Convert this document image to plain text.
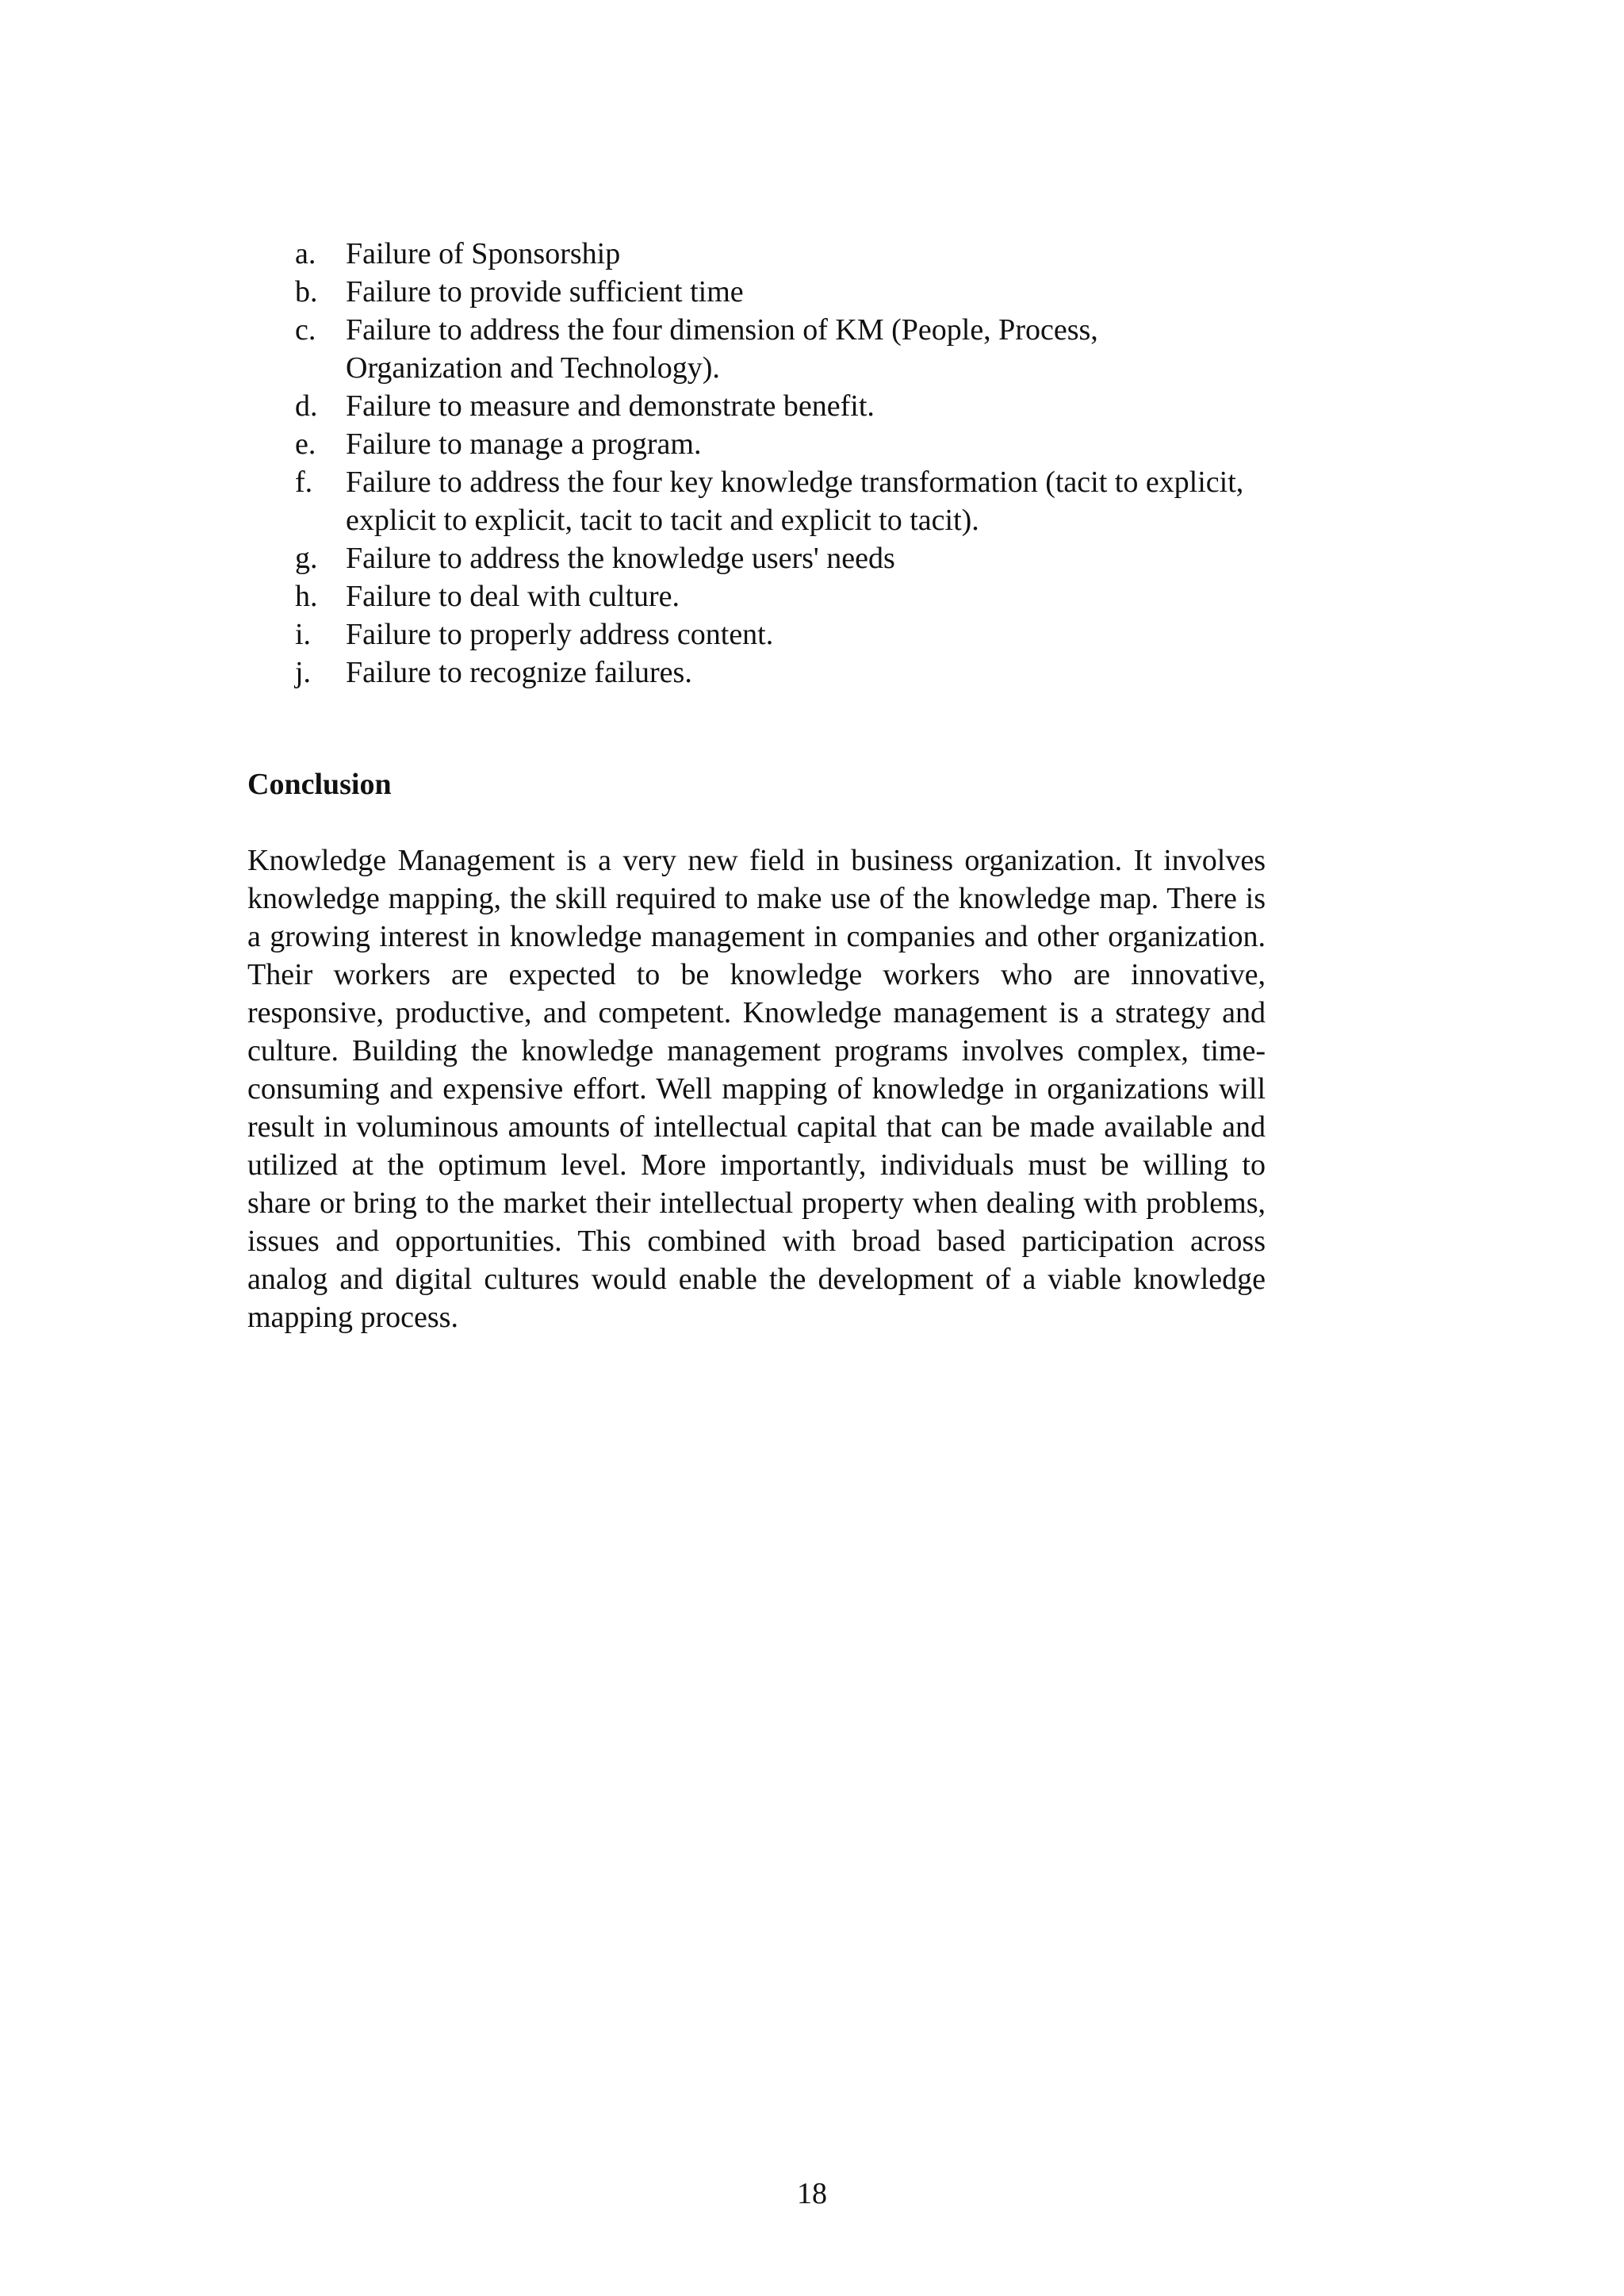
a. Failure of Sponsorship
b. Failure to provide sufficient time
c. Failure to address the four dimension of KM (People, Process, Organization and Technology).
d. Failure to measure and demonstrate benefit.
e. Failure to manage a program.
f. Failure to address the four key knowledge transformation (tacit to explicit, explicit to explicit, tacit to tacit and explicit to tacit).
g. Failure to address the knowledge users' needs
h. Failure to deal with culture.
i. Failure to properly address content.
j. Failure to recognize failures.
Conclusion

Knowledge Management is a very new field in business organization. It involves knowledge mapping, the skill required to make use of the knowledge map. There is a growing interest in knowledge management in companies and other organization. Their workers are expected to be knowledge workers who are innovative, responsive, productive, and competent. Knowledge management is a strategy and culture. Building the knowledge management programs involves complex, time-consuming and expensive effort. Well mapping of knowledge in organizations will result in voluminous amounts of intellectual capital that can be made available and utilized at the optimum level. More importantly, individuals must be willing to share or bring to the market their intellectual property when dealing with problems, issues and opportunities. This combined with broad based participation across analog and digital cultures would enable the development of a viable knowledge mapping process.

18
